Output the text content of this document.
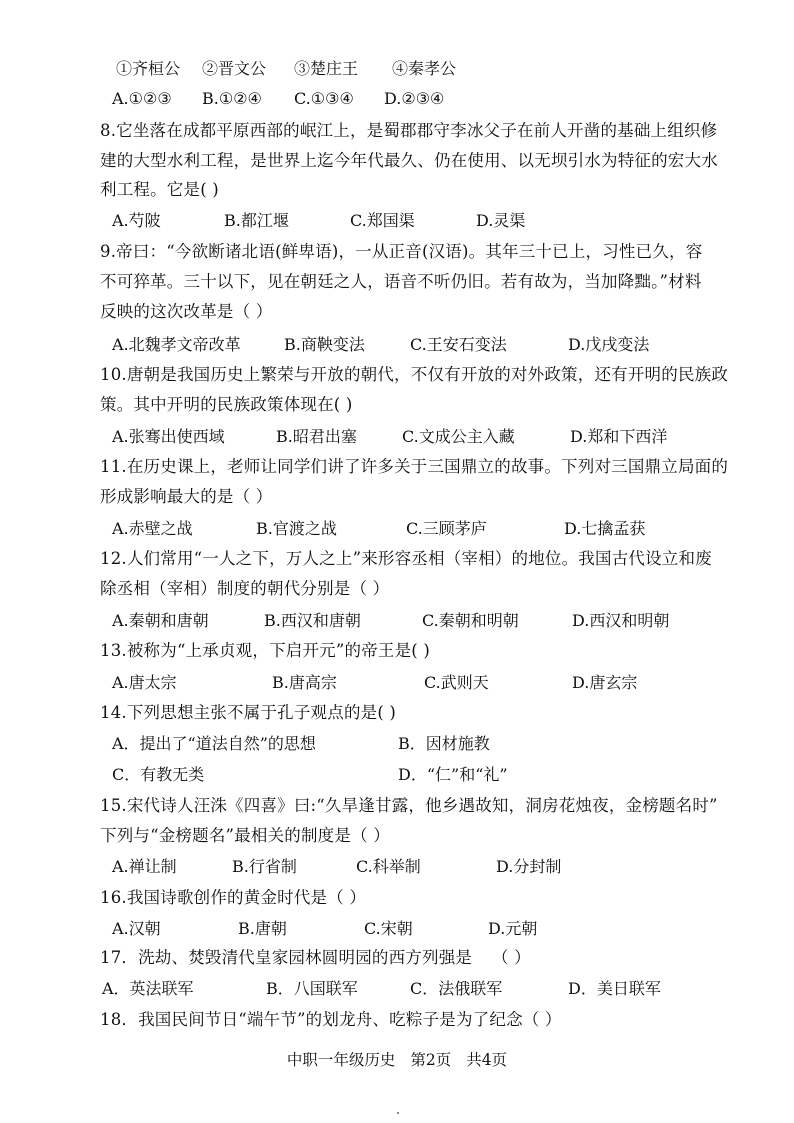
①齐桓公 ②晋文公 ③楚庄王 ④秦孝公
A.①②③ B.①②④ C.①③④ D.②③④
8.它坐落在成都平原西部的岷江上，是蜀郡郡守李冰父子在前人开凿的基础上组织修
建的大型水利工程，是世界上迄今年代最久、仍在使用、以无坝引水为特征的宏大水
利工程。它是( )
A.芍陂	B.都江堰	C.郑国渠	D.灵渠
9.帝曰：“今欲断诸北语(鲜卑语)，一从正音(汉语)。其年三十已上，习性已久，容
不可猝革。三十以下，见在朝廷之人，语音不听仍旧。若有故为，当加降黜。”材料
反映的这次改革是（ ）
A.北魏孝文帝改革	B.商鞅变法	C.王安石变法	D.戊戌变法
10.唐朝是我国历史上繁荣与开放的朝代，不仅有开放的对外政策，还有开明的民族政
策。其中开明的民族政策体现在( )
A.张骞出使西域	B.昭君出塞	C.文成公主入藏	D.郑和下西洋
11.在历史课上，老师让同学们讲了许多关于三国鼎立的故事。下列对三国鼎立局面的
形成影响最大的是（ ）
A.赤壁之战	B.官渡之战	C.三顾茅庐	D.七擒孟获
12.人们常用“一人之下，万人之上”来形容丞相（宰相）的地位。我国古代设立和废
除丞相（宰相）制度的朝代分别是（ ）
A.秦朝和唐朝	B.西汉和唐朝	C.秦朝和明朝	D.西汉和明朝
13.被称为“上承贞观，下启开元”的帝王是( )
A.唐太宗	B.唐高宗	C.武则天	D.唐玄宗
14.下列思想主张不属于孔子观点的是( )
A．提出了“道法自然”的思想	B．因材施教
C．有教无类	D．“仁”和“礼”
15.宋代诗人汪洙《四喜》曰:“久旱逢甘露，他乡遇故知，洞房花烛夜，金榜题名时”
下列与“金榜题名”最相关的制度是（ ）
A.禅让制	B.行省制	C.科举制	D.分封制
16.我国诗歌创作的黄金时代是（ ）
A.汉朝	B.唐朝	C.宋朝	D.元朝
17．洗劫、焚毁清代皇家园林圆明园的西方列强是 （ ）
A．英法联军	B．八国联军	C．法俄联军	D．美日联军
18．我国民间节日“端午节”的划龙舟、吃粽子是为了纪念（ ）
中职一年级历史 第2页 共4页
